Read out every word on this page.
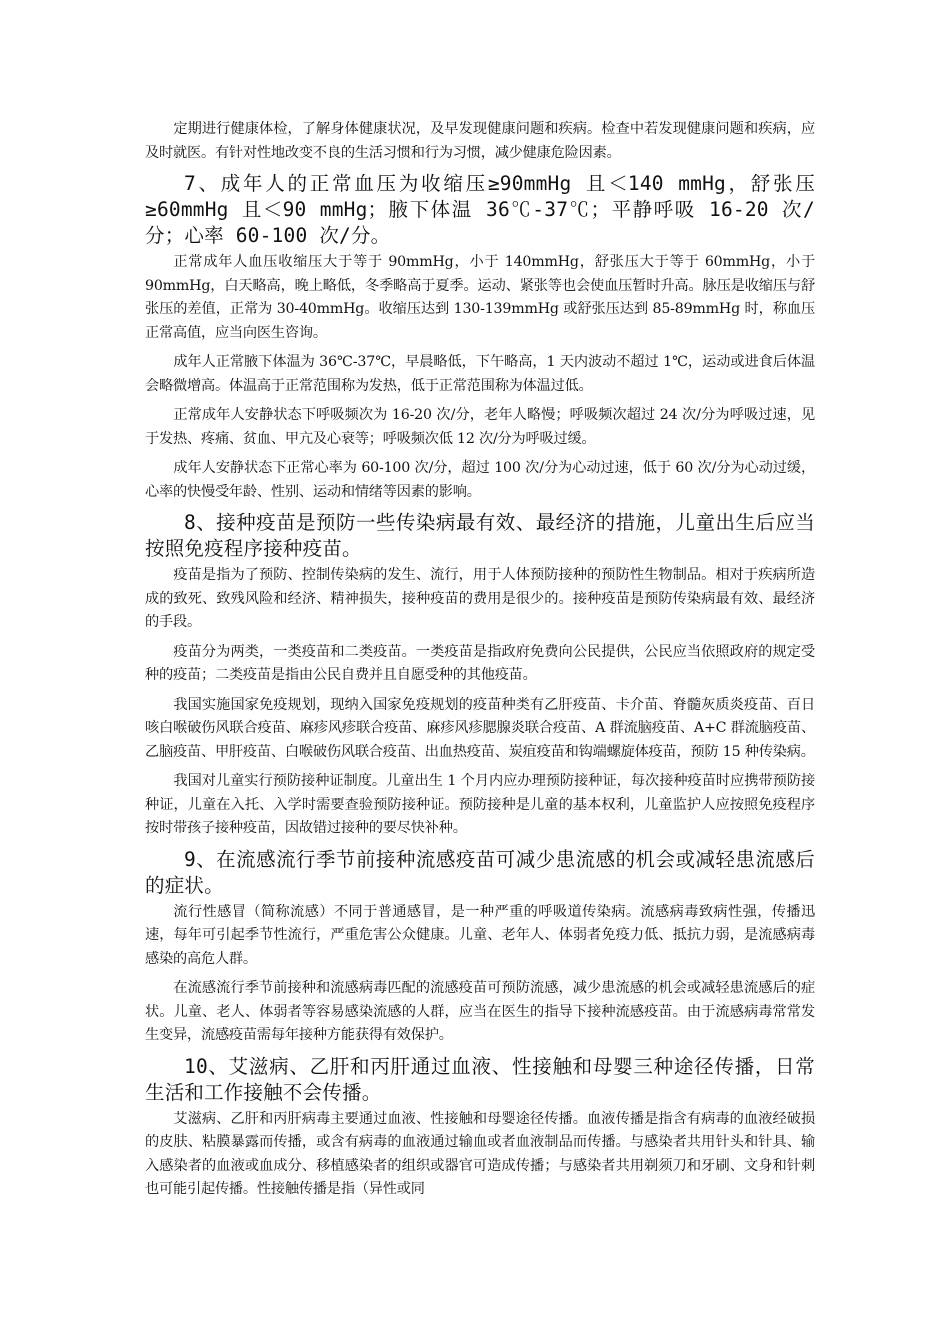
定期进行健康体检，了解身体健康状况，及早发现健康问题和疾病。检查中若发现健康问题和疾病，应及时就医。有针对性地改变不良的生活习惯和行为习惯，减少健康危险因素。

7、成年人的正常血压为收缩压≥90mmHg 且＜140 mmHg，舒张压≥60mmHg 且＜90 mmHg；腋下体温 36℃-37℃；平静呼吸 16-20 次/分；心率 60-100 次/分。

正常成年人血压收缩压大于等于 90mmHg，小于 140mmHg，舒张压大于等于 60mmHg，小于 90mmHg，白天略高，晚上略低，冬季略高于夏季。运动、紧张等也会使血压暂时升高。脉压是收缩压与舒张压的差值，正常为 30-40mmHg。收缩压达到 130-139mmHg 或舒张压达到 85-89mmHg 时，称血压正常高值，应当向医生咨询。

成年人正常腋下体温为 36℃-37℃，早晨略低，下午略高，1 天内波动不超过 1℃，运动或进食后体温会略微增高。体温高于正常范围称为发热，低于正常范围称为体温过低。

正常成年人安静状态下呼吸频次为 16-20 次/分，老年人略慢；呼吸频次超过 24 次/分为呼吸过速，见于发热、疼痛、贫血、甲亢及心衰等；呼吸频次低 12 次/分为呼吸过缓。

成年人安静状态下正常心率为 60-100 次/分，超过 100 次/分为心动过速，低于 60 次/分为心动过缓，心率的快慢受年龄、性别、运动和情绪等因素的影响。

8、接种疫苗是预防一些传染病最有效、最经济的措施，儿童出生后应当按照免疫程序接种疫苗。

疫苗是指为了预防、控制传染病的发生、流行，用于人体预防接种的预防性生物制品。相对于疾病所造成的致死、致残风险和经济、精神损失，接种疫苗的费用是很少的。接种疫苗是预防传染病最有效、最经济的手段。

疫苗分为两类，一类疫苗和二类疫苗。一类疫苗是指政府免费向公民提供，公民应当依照政府的规定受种的疫苗；二类疫苗是指由公民自费并且自愿受种的其他疫苗。

我国实施国家免疫规划，现纳入国家免疫规划的疫苗种类有乙肝疫苗、卡介苗、脊髓灰质炎疫苗、百日咳白喉破伤风联合疫苗、麻疹风疹联合疫苗、麻疹风疹腮腺炎联合疫苗、A 群流脑疫苗、A+C 群流脑疫苗、乙脑疫苗、甲肝疫苗、白喉破伤风联合疫苗、出血热疫苗、炭疽疫苗和钩端螺旋体疫苗，预防 15 种传染病。

我国对儿童实行预防接种证制度。儿童出生 1 个月内应办理预防接种证，每次接种疫苗时应携带预防接种证，儿童在入托、入学时需要查验预防接种证。预防接种是儿童的基本权利，儿童监护人应按照免疫程序按时带孩子接种疫苗，因故错过接种的要尽快补种。

9、在流感流行季节前接种流感疫苗可减少患流感的机会或减轻患流感后的症状。

流行性感冒（简称流感）不同于普通感冒，是一种严重的呼吸道传染病。流感病毒致病性强，传播迅速，每年可引起季节性流行，严重危害公众健康。儿童、老年人、体弱者免疫力低、抵抗力弱，是流感病毒感染的高危人群。

在流感流行季节前接种和流感病毒匹配的流感疫苗可预防流感，减少患流感的机会或减轻患流感后的症状。儿童、老人、体弱者等容易感染流感的人群，应当在医生的指导下接种流感疫苗。由于流感病毒常常发生变异，流感疫苗需每年接种方能获得有效保护。

10、艾滋病、乙肝和丙肝通过血液、性接触和母婴三种途径传播，日常生活和工作接触不会传播。

艾滋病、乙肝和丙肝病毒主要通过血液、性接触和母婴途径传播。血液传播是指含有病毒的血液经破损的皮肤、粘膜暴露而传播，或含有病毒的血液通过输血或者血液制品而传播。与感染者共用针头和针具、输入感染者的血液或血成分、移植感染者的组织或器官可造成传播；与感染者共用剃须刀和牙刷、文身和针刺也可能引起传播。性接触传播是指（异性或同
